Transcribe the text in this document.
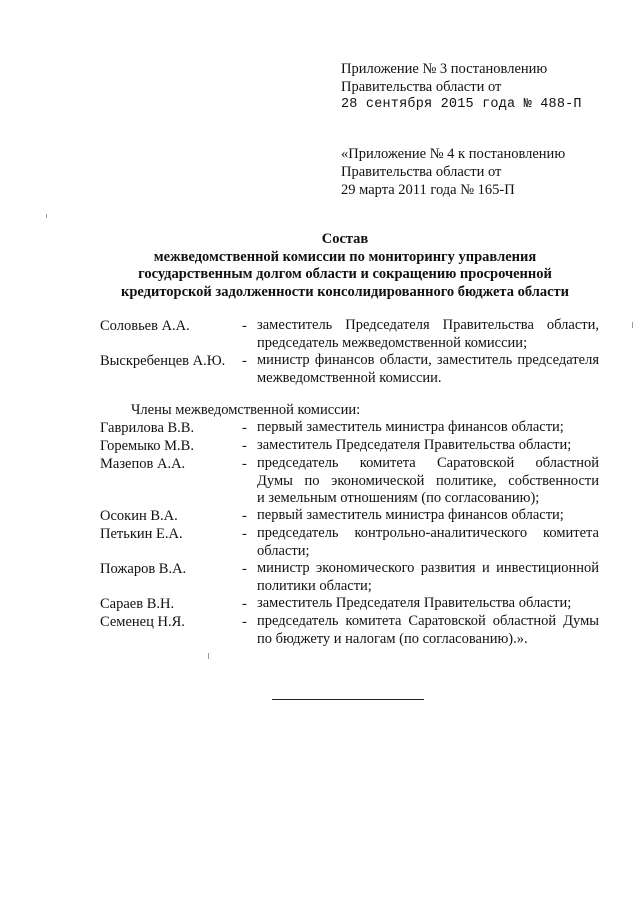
Приложение № 3 постановлению
Правительства области от
28 сентября 2015 года № 488-П
«Приложение № 4 к постановлению
Правительства области от
29 марта 2011 года № 165-П
Состав
межведомственной комиссии по мониторингу управления
государственным долгом области и сокращению просроченной
кредиторской задолженности консолидированного бюджета области
Соловьев А.А.	- заместитель Председателя Правительства области,
председатель межведомственной комиссии;
Выскребенцев А.Ю. - министр финансов области, заместитель председателя
межведомственной комиссии.
Члены межведомственной комиссии:
Гаврилова В.В.	- первый заместитель министра финансов области;
Горемыко М.В.	- заместитель Председателя Правительства области;
Мазепов А.А.	- председатель комитета Саратовской областной
Думы по экономической политике, собственности
и земельным отношениям (по согласованию);
Осокин В.А.	- первый заместитель министра финансов области;
Петькин Е.А.	- председатель контрольно-аналитического комитета
области;
Пожаров В.А.	- министр экономического развития и инвестиционной
политики области;
Сараев В.Н.	- заместитель Председателя Правительства области;
Семенец Н.Я.	- председатель комитета Саратовской областной Думы
по бюджету и налогам (по согласованию).».
